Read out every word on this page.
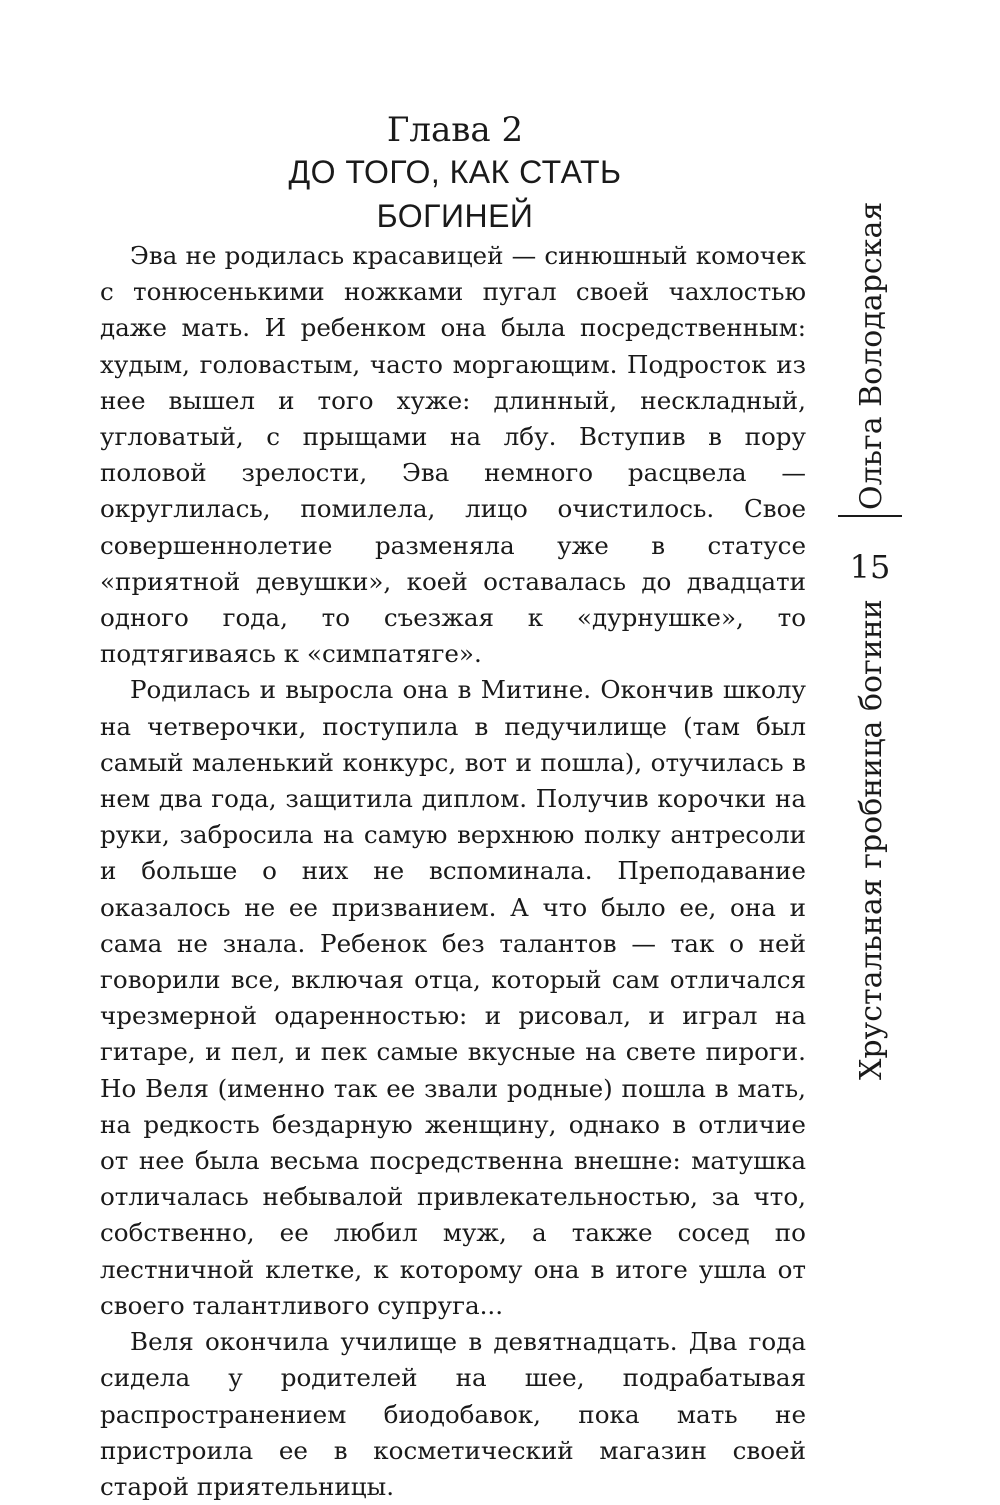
Глава 2
ДО ТОГО, КАК СТАТЬ
БОГИНЕЙ

Эва не родилась красавицей — синюшный комочек с тонюсенькими ножками пугал своей чахлостью даже мать. И ребенком она была посредственным: худым, головастым, часто моргающим. Подросток из нее вышел и того хуже: длинный, нескладный, угловатый, с прыщами на лбу. Вступив в пору половой зрелости, Эва немного расцвела — округлилась, помилела, лицо очистилось. Свое совершеннолетие разменяла уже в статусе «приятной девушки», коей оставалась до двадцати одного года, то съезжая к «дурнушке», то подтягиваясь к «симпатяге».

Родилась и выросла она в Митине. Окончив школу на четверочки, поступила в педучилище (там был самый маленький конкурс, вот и пошла), отучилась в нем два года, защитила диплом. Получив корочки на руки, забросила на самую верхнюю полку антресоли и больше о них не вспоминала. Преподавание оказалось не ее призванием. А что было ее, она и сама не знала. Ребенок без талантов — так о ней говорили все, включая отца, который сам отличался чрезмерной одаренностью: и рисовал, и играл на гитаре, и пел, и пек самые вкусные на свете пироги. Но Веля (именно так ее звали родные) пошла в мать, на редкость бездарную женщину, однако в отличие от нее была весьма посредственна внешне: матушка отличалась небывалой привлекательностью, за что, собственно, ее любил муж, а также сосед по лестничной клетке, к которому она в итоге ушла от своего талантливого супруга...

Веля окончила училище в девятнадцать. Два года сидела у родителей на шее, подрабатывая распространением биодобавок, пока мать не пристроила ее в косметический магазин своей старой приятельницы.

Ольга Володарская
15
Хрустальная гробница богини
